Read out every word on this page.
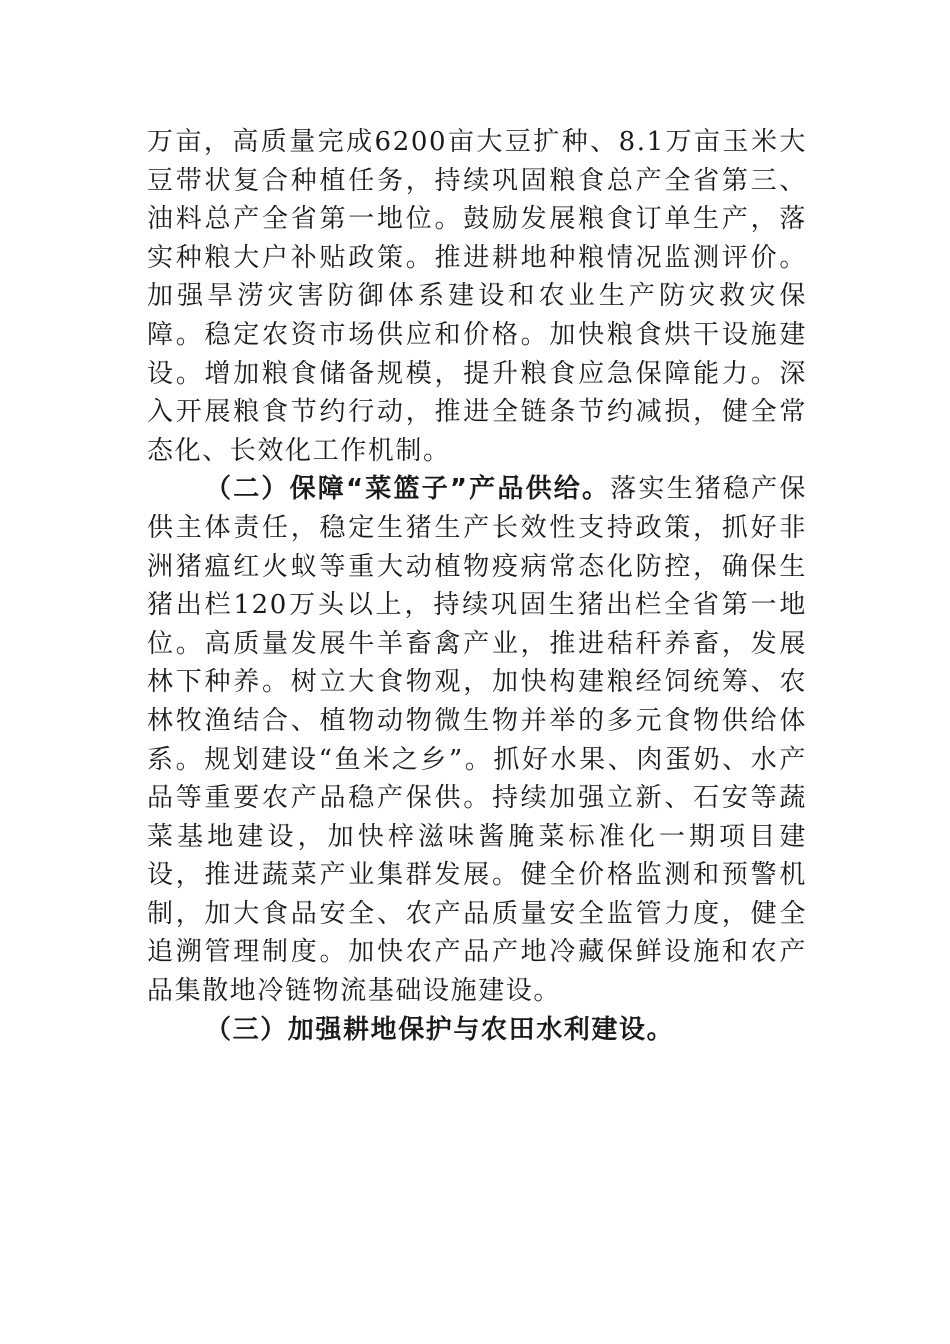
万亩，高质量完成6200亩大豆扩种、8.1万亩玉米大豆带状复合种植任务，持续巩固粮食总产全省第三、油料总产全省第一地位。鼓励发展粮食订单生产，落实种粮大户补贴政策。推进耕地种粮情况监测评价。加强旱涝灾害防御体系建设和农业生产防灾救灾保障。稳定农资市场供应和价格。加快粮食烘干设施建设。增加粮食储备规模，提升粮食应急保障能力。深入开展粮食节约行动，推进全链条节约减损，健全常态化、长效化工作机制。

（二）保障“菜篮子”产品供给。落实生猪稳产保供主体责任，稳定生猪生产长效性支持政策，抓好非洲猪瘟红火蚁等重大动植物疫病常态化防控，确保生猪出栏120万头以上，持续巩固生猪出栏全省第一地位。高质量发展牛羊畜禽产业，推进秸秆养畜，发展林下种养。树立大食物观，加快构建粮经饲统筹、农林牧渔结合、植物动物微生物并举的多元食物供给体系。规划建设“鱼米之乡”。抓好水果、肉蛋奶、水产品等重要农产品稳产保供。持续加强立新、石安等蔬菜基地建设，加快梓滋味酱腌菜标准化一期项目建设，推进蔬菜产业集群发展。健全价格监测和预警机制，加大食品安全、农产品质量安全监管力度，健全追溯管理制度。加快农产品产地冷藏保鲜设施和农产品集散地冷链物流基础设施建设。

（三）加强耕地保护与农田水利建设。
